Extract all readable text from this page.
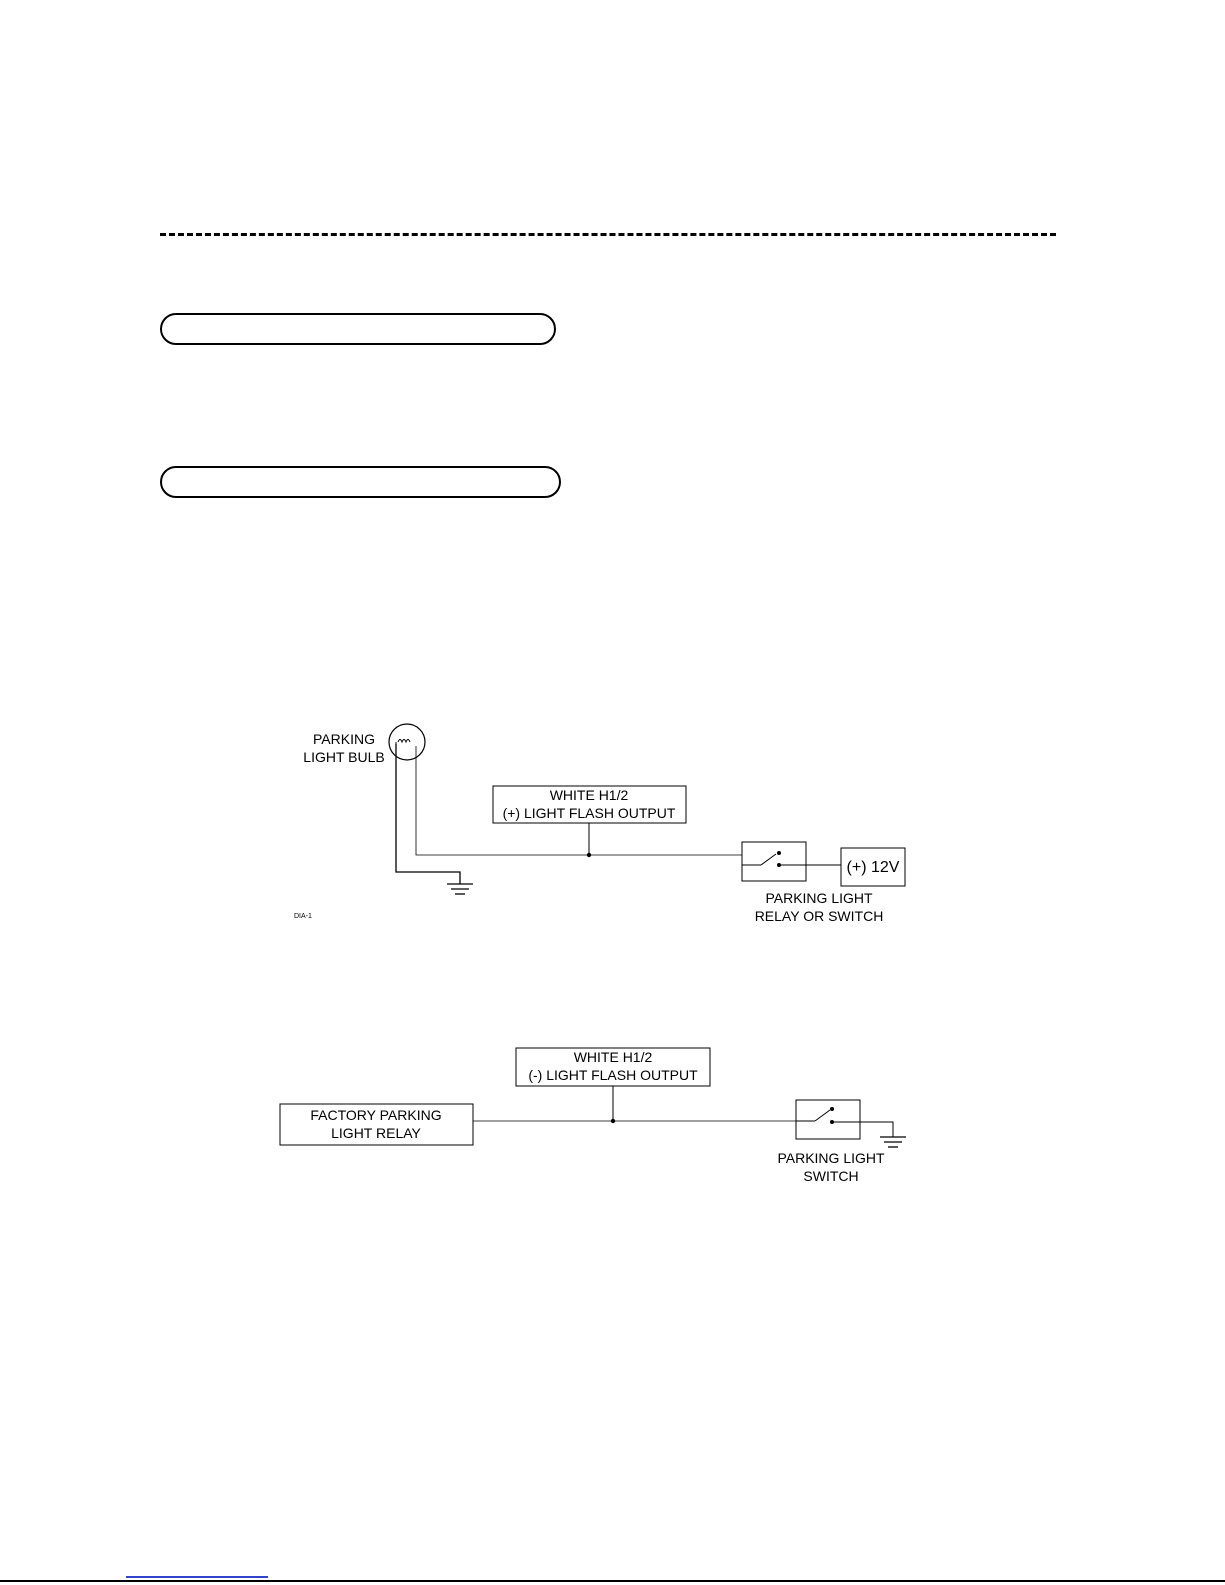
PARKING
LIGHT BULB
WHITE H1/2
(+) LIGHT FLASH OUTPUT
(+) 12V
PARKING LIGHT
RELAY OR SWITCH
DIA-1
WHITE H1/2
(-) LIGHT FLASH OUTPUT
FACTORY PARKING
LIGHT RELAY
PARKING LIGHT
SWITCH
